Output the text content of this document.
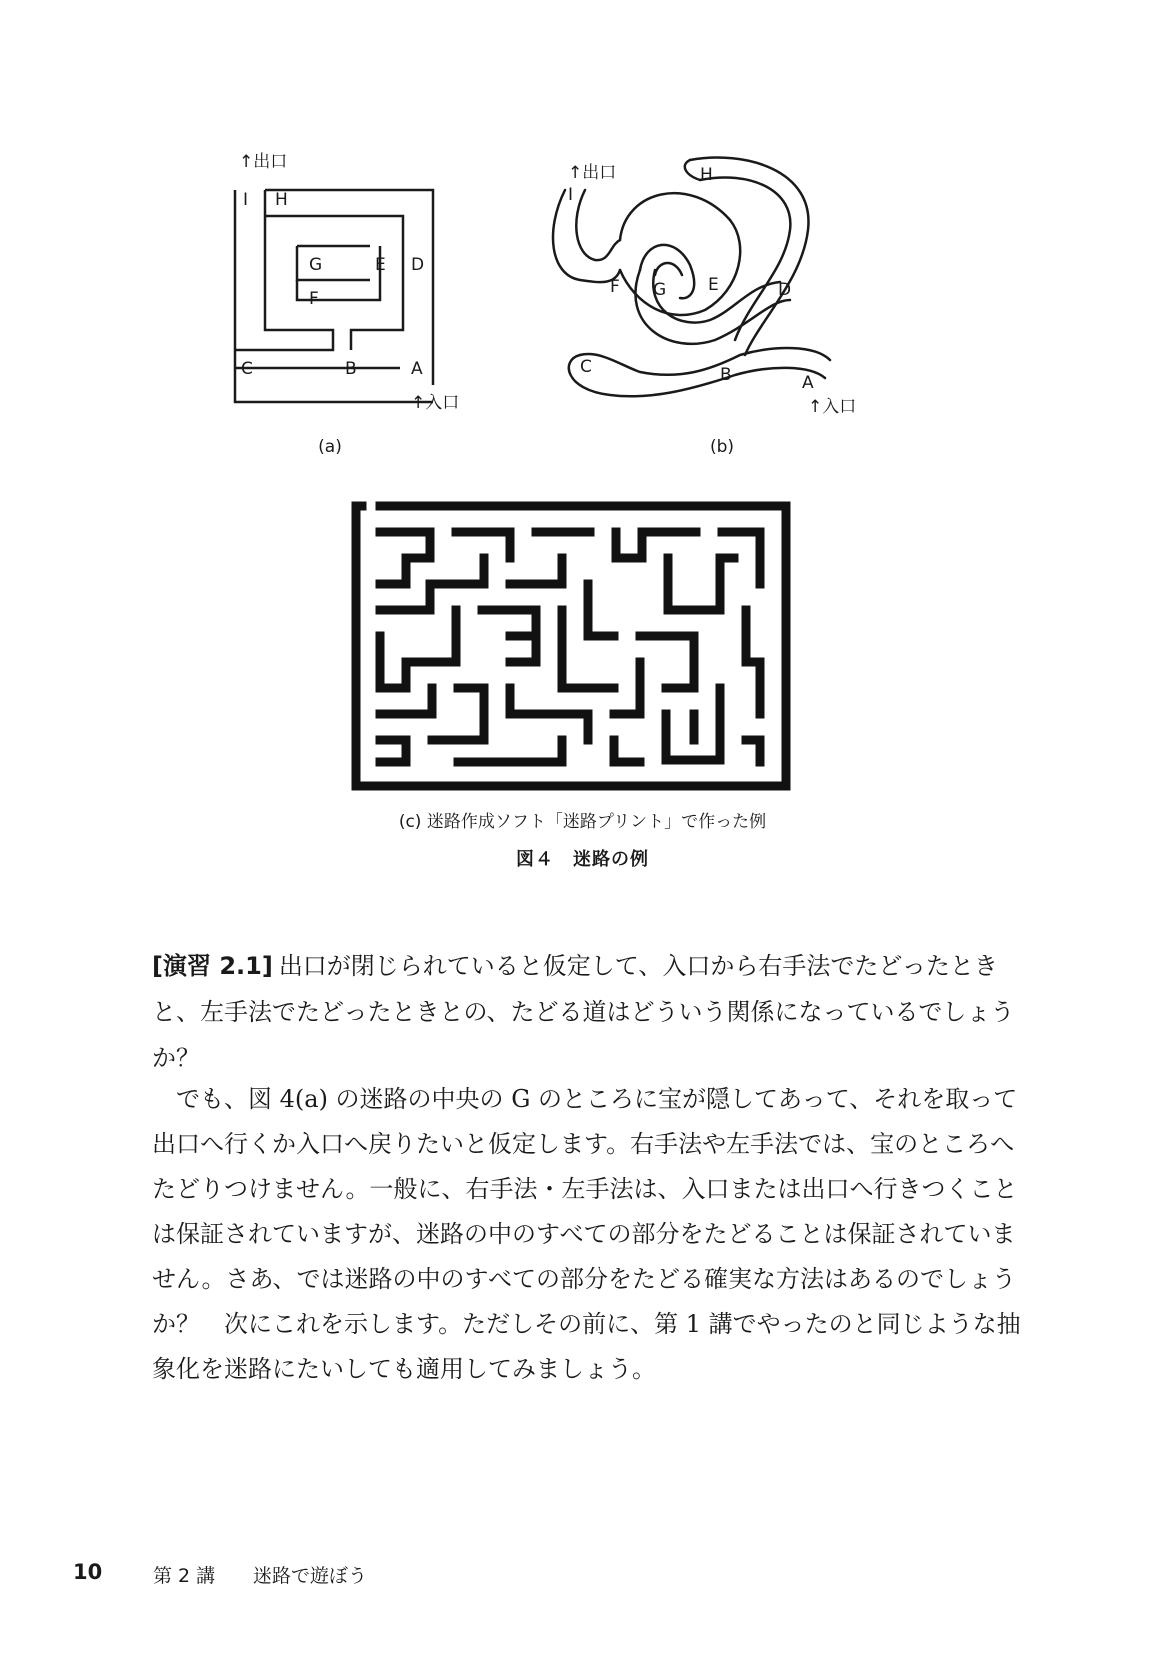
↑出口
I H
G	E D
F
C	B	A
↑入口
(a)
↑出口
I
H
F G E	D
C	B	A
↑入口
(b)
(c) 迷路作成ソフト「迷路プリント」で作った例
図４　迷路の例
[演習 2.1] 出口が閉じられていると仮定して、入口から右手法でたどったときと、左手法でたどったときとの、たどる道はどういう関係になっているでしょうか？
でも、図 4(a) の迷路の中央の G のところに宝が隠してあって、それを取って出口へ行くか入口へ戻りたいと仮定します。右手法や左手法では、宝のところへたどりつけません。一般に、右手法・左手法は、入口または出口へ行きつくことは保証されていますが、迷路の中のすべての部分をたどることは保証されていません。さあ、では迷路の中のすべての部分をたどる確実な方法はあるのでしょうか？　次にこれを示します。ただしその前に、第 1 講でやったのと同じような抽象化を迷路にたいしても適用してみましょう。
10	第 2 講 迷路で遊ぼう
